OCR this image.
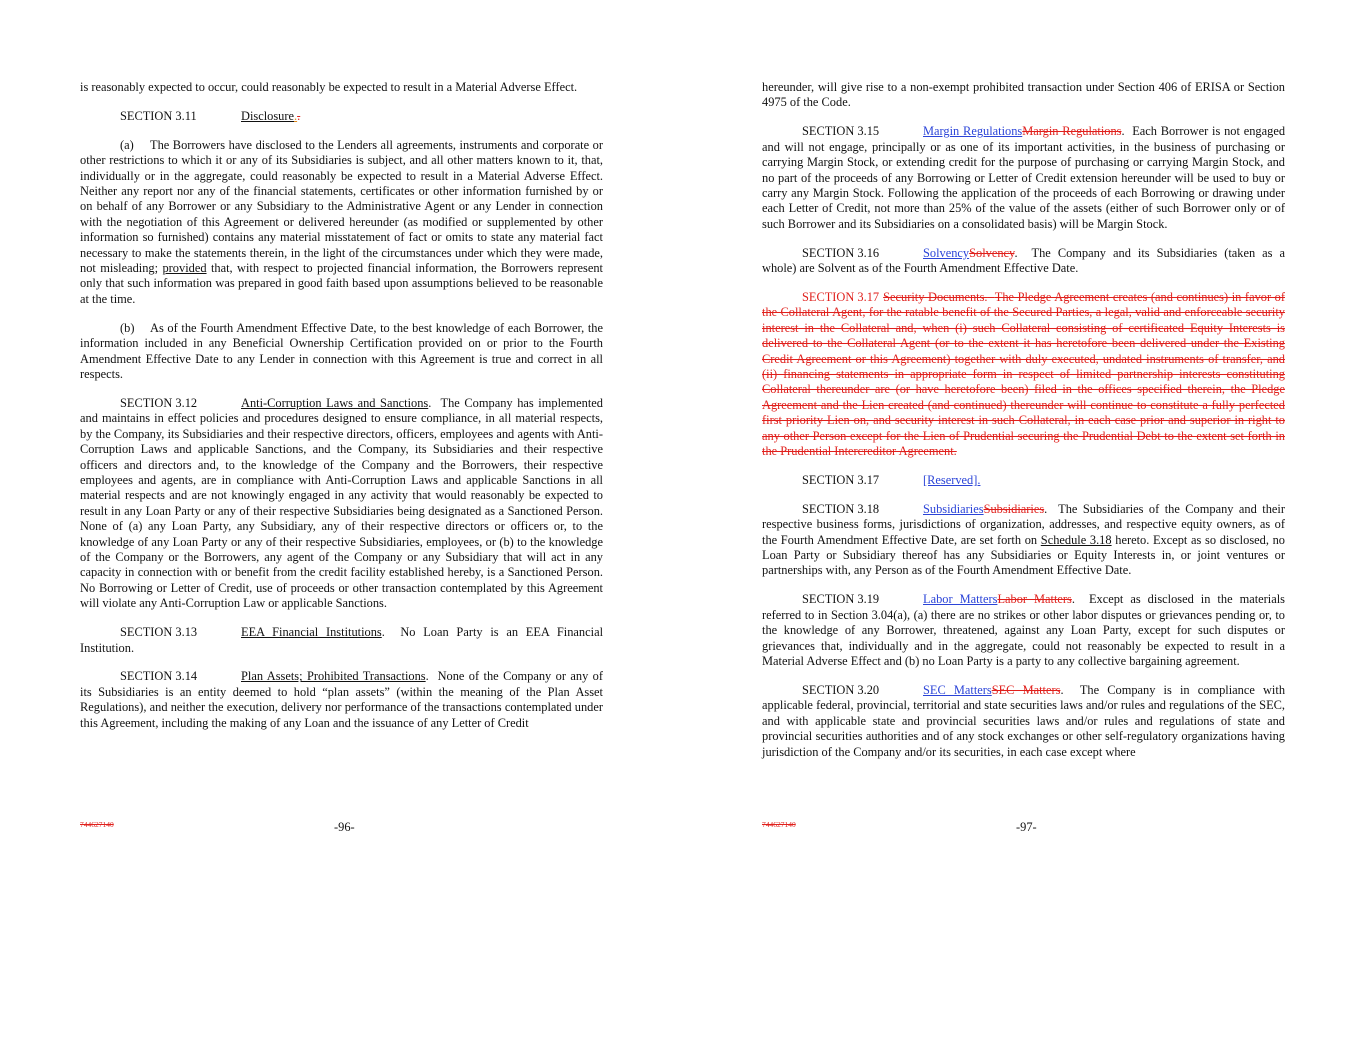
is reasonably expected to occur, could reasonably be expected to result in a Material Adverse Effect.

SECTION 3.11	Disclosure..

(a) The Borrowers have disclosed to the Lenders all agreements, instruments and corporate or other restrictions to which it or any of its Subsidiaries is subject, and all other matters known to it, that, individually or in the aggregate, could reasonably be expected to result in a Material Adverse Effect. Neither any report nor any of the financial statements, certificates or other information furnished by or on behalf of any Borrower or any Subsidiary to the Administrative Agent or any Lender in connection with the negotiation of this Agreement or delivered hereunder (as modified or supplemented by other information so furnished) contains any material misstatement of fact or omits to state any material fact necessary to make the statements therein, in the light of the circumstances under which they were made, not misleading; provided that, with respect to projected financial information, the Borrowers represent only that such information was prepared in good faith based upon assumptions believed to be reasonable at the time.

(b) As of the Fourth Amendment Effective Date, to the best knowledge of each Borrower, the information included in any Beneficial Ownership Certification provided on or prior to the Fourth Amendment Effective Date to any Lender in connection with this Agreement is true and correct in all respects.

SECTION 3.12	Anti-Corruption Laws and Sanctions.  The Company has implemented and maintains in effect policies and procedures designed to ensure compliance, in all material respects, by the Company, its Subsidiaries and their respective directors, officers, employees and agents with Anti-Corruption Laws and applicable Sanctions, and the Company, its Subsidiaries and their respective officers and directors and, to the knowledge of the Company and the Borrowers, their respective employees and agents, are in compliance with Anti-Corruption Laws and applicable Sanctions in all material respects and are not knowingly engaged in any activity that would reasonably be expected to result in any Loan Party or any of their respective Subsidiaries being designated as a Sanctioned Person. None of (a) any Loan Party, any Subsidiary, any of their respective directors or officers or, to the knowledge of any Loan Party or any of their respective Subsidiaries, employees, or (b) to the knowledge of the Company or the Borrowers, any agent of the Company or any Subsidiary that will act in any capacity in connection with or benefit from the credit facility established hereby, is a Sanctioned Person. No Borrowing or Letter of Credit, use of proceeds or other transaction contemplated by this Agreement will violate any Anti-Corruption Law or applicable Sanctions.

SECTION 3.13	EEA Financial Institutions.  No Loan Party is an EEA Financial Institution.

SECTION 3.14	Plan Assets; Prohibited Transactions.  None of the Company or any of its Subsidiaries is an entity deemed to hold “plan assets” (within the meaning of the Plan Asset Regulations), and neither the execution, delivery nor performance of the transactions contemplated under this Agreement, including the making of any Loan and the issuance of any Letter of Credit

744627140	-96-

hereunder, will give rise to a non-exempt prohibited transaction under Section 406 of ERISA or Section 4975 of the Code.

SECTION 3.15	Margin RegulationsMargin Regulations.  Each Borrower is not engaged and will not engage, principally or as one of its important activities, in the business of purchasing or carrying Margin Stock, or extending credit for the purpose of purchasing or carrying Margin Stock, and no part of the proceeds of any Borrowing or Letter of Credit extension hereunder will be used to buy or carry any Margin Stock. Following the application of the proceeds of each Borrowing or drawing under each Letter of Credit, not more than 25% of the value of the assets (either of such Borrower only or of such Borrower and its Subsidiaries on a consolidated basis) will be Margin Stock.

SECTION 3.16	SolvencySolvency.  The Company and its Subsidiaries (taken as a whole) are Solvent as of the Fourth Amendment Effective Date.

SECTION 3.17 Security Documents. The Pledge Agreement creates (and continues) in favor of the Collateral Agent, for the ratable benefit of the Secured Parties, a legal, valid and enforceable security interest in the Collateral and, when (i) such Collateral consisting of certificated Equity Interests is delivered to the Collateral Agent (or to the extent it has heretofore been delivered under the Existing Credit Agreement or this Agreement) together with duly executed, undated instruments of transfer, and (ii) financing statements in appropriate form in respect of limited partnership interests constituting Collateral thereunder are (or have heretofore been) filed in the offices specified therein, the Pledge Agreement and the Lien created (and continued) thereunder will continue to constitute a fully perfected first priority Lien on, and security interest in such Collateral, in each case prior and superior in right to any other Person except for the Lien of Prudential securing the Prudential Debt to the extent set forth in the Prudential Intercreditor Agreement.

SECTION 3.17	[Reserved].

SECTION 3.18	SubsidiariesSubsidiaries.  The Subsidiaries of the Company and their respective business forms, jurisdictions of organization, addresses, and respective equity owners, as of the Fourth Amendment Effective Date, are set forth on Schedule 3.18 hereto. Except as so disclosed, no Loan Party or Subsidiary thereof has any Subsidiaries or Equity Interests in, or joint ventures or partnerships with, any Person as of the Fourth Amendment Effective Date.

SECTION 3.19	Labor MattersLabor Matters.  Except as disclosed in the materials referred to in Section 3.04(a), (a) there are no strikes or other labor disputes or grievances pending or, to the knowledge of any Borrower, threatened, against any Loan Party, except for such disputes or grievances that, individually and in the aggregate, could not reasonably be expected to result in a Material Adverse Effect and (b) no Loan Party is a party to any collective bargaining agreement.

SECTION 3.20	SEC MattersSEC Matters.  The Company is in compliance with applicable federal, provincial, territorial and state securities laws and/or rules and regulations of the SEC, and with applicable state and provincial securities laws and/or rules and regulations of state and provincial securities authorities and of any stock exchanges or other self-regulatory organizations having jurisdiction of the Company and/or its securities, in each case except where

744627140	-97-
